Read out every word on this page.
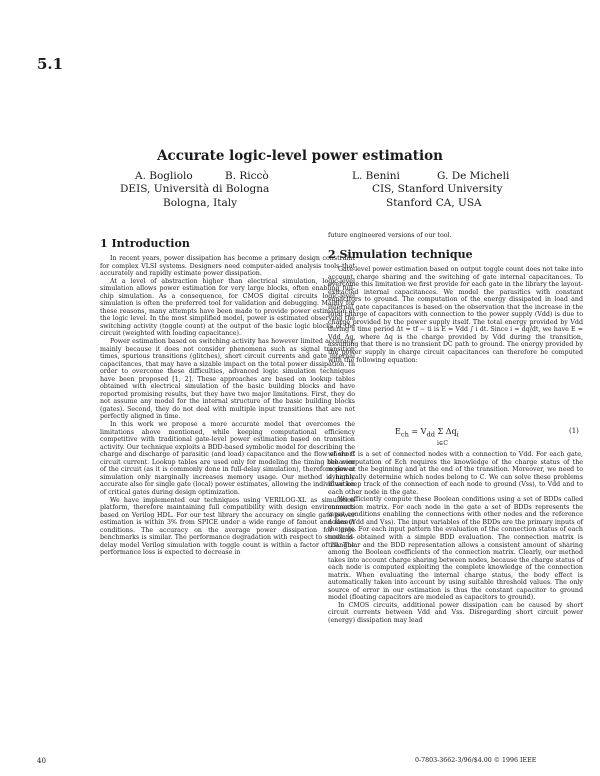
5.1
Accurate logic-level power estimation
A. Bogliolo	B. Riccò
DEIS, Università di Bologna
Bologna, Italy
L. Benini	G. De Micheli
CIS, Stanford University
Stanford CA, USA
1 Introduction

In recent years, power dissipation has become a primary design constraint for complex VLSI systems. Designers need computer-aided analysis tools that accurately and rapidly estimate power dissipation.

At a level of abstraction higher than electrical simulation, logic-level simulation allows power estimation for very large blocks, often enabling full-chip simulation. As a consequence, for CMOS digital circuits logic-level simulation is often the preferred tool for validation and debugging. Mainly for these reasons, many attempts have been made to provide power estimation at the logic level. In the most simplified model, power is estimated observing the switching activity (toggle count) at the output of the basic logic blocks of the circuit (weighted with loading capacitance).

Power estimation based on switching activity has however limited accuracy, mainly because it does not consider phenomena such as signal transition times, spurious transitions (glitches), short circuit currents and gate internal capacitances, that may have a sizable impact on the total power dissipation. In order to overcome these difficulties, advanced logic simulation techniques have been proposed [1, 2]. These approaches are based on lookup tables obtained with electrical simulation of the basic building blocks and have reported promising results, but they have two major limitations. First, they do not assume any model for the internal structure of the basic building blocks (gates). Second, they do not deal with multiple input transitions that are not perfectly aligned in time.

In this work we propose a more accurate model that overcomes the limitations above mentioned, while keeping computational efficiency competitive with traditional gate-level power estimation based on transition activity. Our technique exploits a BDD-based symbolic model for describing the charge and discharge of parasitic (and load) capacitance and the flow of short circuit current. Lookup tables are used only for modeling the timing behavior of the circuit (as it is commonly done in full-delay simulation), therefore power simulation only marginally increases memory usage. Our method is highly accurate also for single gate (local) power estimates, allowing the individuation of critical gates during design optimization.

We have implemented our techniques using VERILOG-XL as simulation platform, therefore maintaining full compatibility with design environments based on Verilog HDL. For our test library the accuracy on single gate power estimation is within 3% from SPICE under a wide range of fanout and fanout conditions. The accuracy on the average power dissipation for large benchmarks is similar. The performance degradation with respect to standard-delay model Verilog simulation with toggle count is within a factor of 20. The performance loss is expected to decrease in

future engineered versions of our tool.

2 Simulation technique

Gate-level power estimation based on output toggle count does not take into account charge sharing and the switching of gate internal capacitances. To overcome this limitation we first provide for each gate in the library the layout-extracted internal capacitances. We model the parasitics with constant capacitors to ground. The computation of the energy dissipated in load and internal gate capacitances is based on the observation that the increase in the total charge of capacitors with connection to the power supply (Vdd) is due to charge provided by the power supply itself. The total energy provided by Vdd during a time period Δt = tf − ti is E = Vdd ∫ i dt. Since i = dq/dt, we have E = Vdd Δq, where Δq is the charge provided by Vdd during the transition, assuming that there is no transient DC path to ground. The energy provided by the power supply in charge circuit capacitances can therefore be computed with the following equation:

$E_{ch} = V_{dd}$ Σ $\Delta q_i$
i∈C
(1)

where C is a set of connected nodes with a connection to Vdd. For each gate, the computation of Ech requires the knowledge of the charge status of the nodes at the beginning and at the end of the transition. Moreover, we need to dynamically determine which nodes belong to C. We can solve these problems if we keep track of the connection of each node to ground (Vss), to Vdd and to each other node in the gate.

We efficiently compute these Boolean conditions using a set of BDDs called connection matrix. For each node in the gate a set of BDDs represents the input conditions enabling the connections with other nodes and the reference nodes (Vdd and Vss). The input variables of the BDDs are the primary inputs of the gate. For each input pattern the evaluation of the connection status of each node is obtained with a simple BDD evaluation. The connection matrix is triangular and the BDD representation allows a consistent amount of sharing among the Boolean coefficients of the connection matrix. Clearly, our method takes into account charge sharing between nodes, because the charge status of each node is computed exploiting the complete knowledge of the connection matrix. When evaluating the internal charge status, the body effect is automatically taken into account by using suitable threshold values. The only source of error in our estimation is thus the constant capacitor to ground model (floating capacitors are modeled as capacitors to ground).

In CMOS circuits, additional power dissipation can be caused by short circuit currents between Vdd and Vss. Disregarding short circuit power (energy) dissipation may lead

40	0-7803-3662-3/96/$4.00 © 1996 IEEE
